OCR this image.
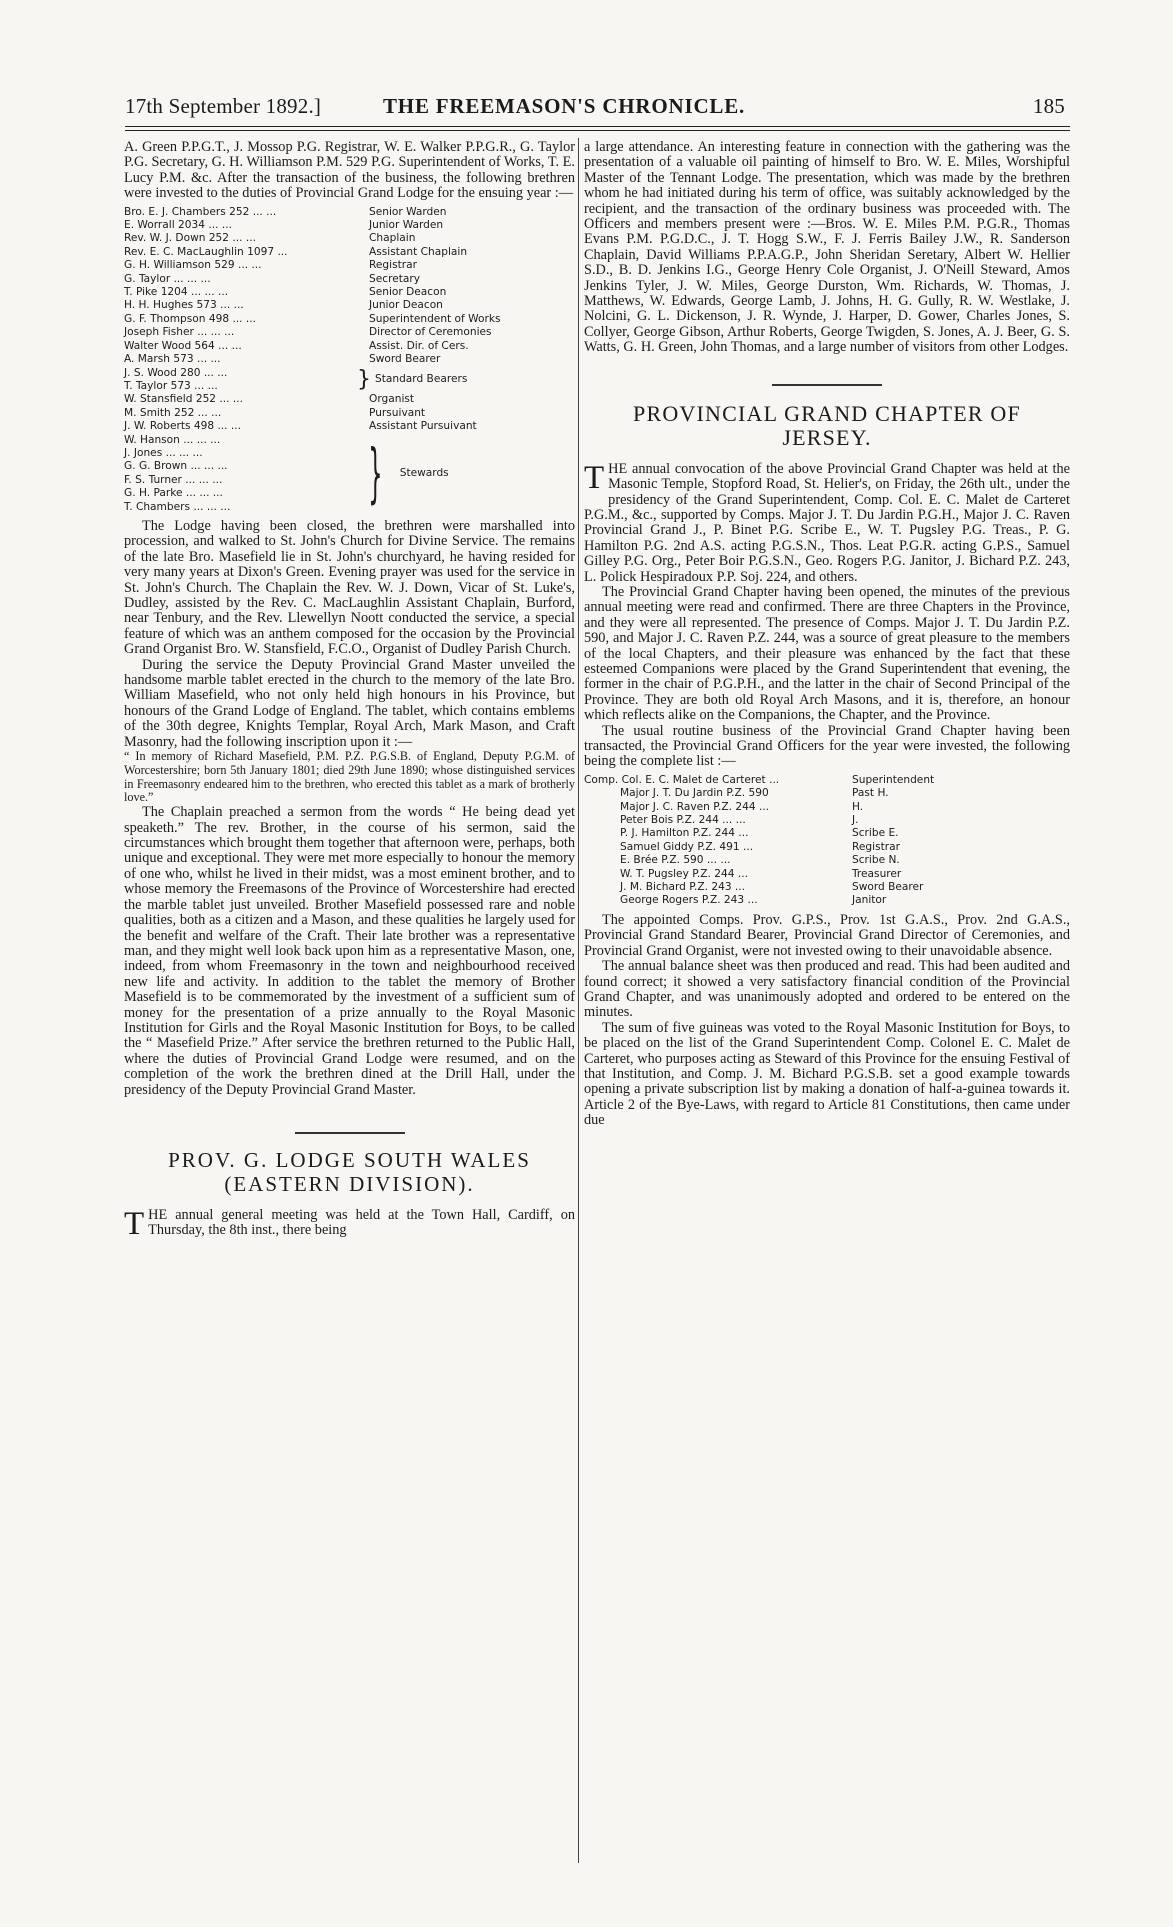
17th September 1892.]	THE FREEMASON'S CHRONICLE.	185

A. Green P.P.G.T., J. Mossop P.G. Registrar, W. E. Walker P.P.G.R., G. Taylor P.G. Secretary, G. H. Williamson P.M. 529 P.G. Superintendent of Works, T. E. Lucy P.M. &c. After the transaction of the business, the following brethren were invested to the duties of Provincial Grand Lodge for the ensuing year :—

Bro. E. J. Chambers 252 ... ...	Senior Warden
E. Worrall 2034 ... ...	Junior Warden
Rev. W. J. Down 252 ... ...	Chaplain
Rev. E. C. MacLaughlin 1097 ...	Assistant Chaplain
G. H. Williamson 529 ... ...	Registrar
G. Taylor ... ... ...	Secretary
T. Pike 1204 ... ... ...	Senior Deacon
H. H. Hughes 573 ... ...	Junior Deacon
G. F. Thompson 498 ... ...	Superintendent of Works
Joseph Fisher ... ... ...	Director of Ceremonies
Walter Wood 564 ... ...	Assist. Dir. of Cers.
A. Marsh 573 ... ...	Sword Bearer
J. S. Wood 280 ... ...
T. Taylor 573 ... ...	} Standard Bearers
W. Stansfield 252 ... ...	Organist
M. Smith 252 ... ...	Pursuivant
J. W. Roberts 498 ... ...	Assistant Pursuivant
W. Hanson ... ... ...
J. Jones ... ... ...
G. G. Brown ... ... ...
F. S. Turner ... ... ...
G. H. Parke ... ... ...
T. Chambers ... ... ...	} Stewards

The Lodge having been closed, the brethren were marshalled into procession, and walked to St. John's Church for Divine Service. The remains of the late Bro. Masefield lie in St. John's churchyard, he having resided for very many years at Dixon's Green. Evening prayer was used for the service in St. John's Church. The Chaplain the Rev. W. J. Down, Vicar of St. Luke's, Dudley, assisted by the Rev. C. MacLaughlin Assistant Chaplain, Burford, near Tenbury, and the Rev. Llewellyn Noott conducted the service, a special feature of which was an anthem composed for the occasion by the Provincial Grand Organist Bro. W. Stansfield, F.C.O., Organist of Dudley Parish Church.

During the service the Deputy Provincial Grand Master unveiled the handsome marble tablet erected in the church to the memory of the late Bro. William Masefield, who not only held high honours in his Province, but honours of the Grand Lodge of England. The tablet, which contains emblems of the 30th degree, Knights Templar, Royal Arch, Mark Mason, and Craft Masonry, had the following inscription upon it :—

“ In memory of Richard Masefield, P.M. P.Z. P.G.S.B. of England, Deputy P.G.M. of Worcestershire; born 5th January 1801; died 29th June 1890; whose distinguished services in Freemasonry endeared him to the brethren, who erected this tablet as a mark of brotherly love.”

The Chaplain preached a sermon from the words “ He being dead yet speaketh.” The rev. Brother, in the course of his sermon, said the circumstances which brought them together that afternoon were, perhaps, both unique and exceptional. They were met more especially to honour the memory of one who, whilst he lived in their midst, was a most eminent brother, and to whose memory the Freemasons of the Province of Worcestershire had erected the marble tablet just unveiled. Brother Masefield possessed rare and noble qualities, both as a citizen and a Mason, and these qualities he largely used for the benefit and welfare of the Craft. Their late brother was a representative man, and they might well look back upon him as a representative Mason, one, indeed, from whom Freemasonry in the town and neighbourhood received new life and activity. In addition to the tablet the memory of Brother Masefield is to be commemorated by the investment of a sufficient sum of money for the presentation of a prize annually to the Royal Masonic Institution for Girls and the Royal Masonic Institution for Boys, to be called the “ Masefield Prize.” After service the brethren returned to the Public Hall, where the duties of Provincial Grand Lodge were resumed, and on the completion of the work the brethren dined at the Drill Hall, under the presidency of the Deputy Provincial Grand Master.

PROV. G. LODGE SOUTH WALES
(EASTERN DIVISION).

THE annual general meeting was held at the Town Hall, Cardiff, on Thursday, the 8th inst., there being

a large attendance. An interesting feature in connection with the gathering was the presentation of a valuable oil painting of himself to Bro. W. E. Miles, Worshipful Master of the Tennant Lodge. The presentation, which was made by the brethren whom he had initiated during his term of office, was suitably acknowledged by the recipient, and the transaction of the ordinary business was proceeded with. The Officers and members present were :—Bros. W. E. Miles P.M. P.G.R., Thomas Evans P.M. P.G.D.C., J. T. Hogg S.W., F. J. Ferris Bailey J.W., R. Sanderson Chaplain, David Williams P.P.A.G.P., John Sheridan Seretary, Albert W. Hellier S.D., B. D. Jenkins I.G., George Henry Cole Organist, J. O'Neill Steward, Amos Jenkins Tyler, J. W. Miles, George Durston, Wm. Richards, W. Thomas, J. Matthews, W. Edwards, George Lamb, J. Johns, H. G. Gully, R. W. Westlake, J. Nolcini, G. L. Dickenson, J. R. Wynde, J. Harper, D. Gower, Charles Jones, S. Collyer, George Gibson, Arthur Roberts, George Twigden, S. Jones, A. J. Beer, G. S. Watts, G. H. Green, John Thomas, and a large number of visitors from other Lodges.

PROVINCIAL GRAND CHAPTER OF
JERSEY.

THE annual convocation of the above Provincial Grand Chapter was held at the Masonic Temple, Stopford Road, St. Helier's, on Friday, the 26th ult., under the presidency of the Grand Superintendent, Comp. Col. E. C. Malet de Carteret P.G.M., &c., supported by Comps. Major J. T. Du Jardin P.G.H., Major J. C. Raven Provincial Grand J., P. Binet P.G. Scribe E., W. T. Pugsley P.G. Treas., P. G. Hamilton P.G. 2nd A.S. acting P.G.S.N., Thos. Leat P.G.R. acting G.P.S., Samuel Gilley P.G. Org., Peter Boir P.G.S.N., Geo. Rogers P.G. Janitor, J. Bichard P.Z. 243, L. Polick Hespiradoux P.P. Soj. 224, and others.

The Provincial Grand Chapter having been opened, the minutes of the previous annual meeting were read and confirmed. There are three Chapters in the Province, and they were all represented. The presence of Comps. Major J. T. Du Jardin P.Z. 590, and Major J. C. Raven P.Z. 244, was a source of great pleasure to the members of the local Chapters, and their pleasure was enhanced by the fact that these esteemed Companions were placed by the Grand Superintendent that evening, the former in the chair of P.G.P.H., and the latter in the chair of Second Principal of the Province. They are both old Royal Arch Masons, and it is, therefore, an honour which reflects alike on the Companions, the Chapter, and the Province.

The usual routine business of the Provincial Grand Chapter having been transacted, the Provincial Grand Officers for the year were invested, the following being the complete list :—

Comp. Col. E. C. Malet de Carteret ...	Superintendent
Major J. T. Du Jardin P.Z. 590	Past H.
Major J. C. Raven P.Z. 244 ...	H.
Peter Bois P.Z. 244 ... ...	J.
P. J. Hamilton P.Z. 244 ...	Scribe E.
Samuel Giddy P.Z. 491 ...	Registrar
E. Brée P.Z. 590 ... ...	Scribe N.
W. T. Pugsley P.Z. 244 ...	Treasurer
J. M. Bichard P.Z. 243 ...	Sword Bearer
George Rogers P.Z. 243 ...	Janitor

The appointed Comps. Prov. G.P.S., Prov. 1st G.A.S., Prov. 2nd G.A.S., Provincial Grand Standard Bearer, Provincial Grand Director of Ceremonies, and Provincial Grand Organist, were not invested owing to their unavoidable absence.

The annual balance sheet was then produced and read. This had been audited and found correct; it showed a very satisfactory financial condition of the Provincial Grand Chapter, and was unanimously adopted and ordered to be entered on the minutes.

The sum of five guineas was voted to the Royal Masonic Institution for Boys, to be placed on the list of the Grand Superintendent Comp. Colonel E. C. Malet de Carteret, who purposes acting as Steward of this Province for the ensuing Festival of that Institution, and Comp. J. M. Bichard P.G.S.B. set a good example towards opening a private subscription list by making a donation of half-a-guinea towards it. Article 2 of the Bye-Laws, with regard to Article 81 Constitutions, then came under due
